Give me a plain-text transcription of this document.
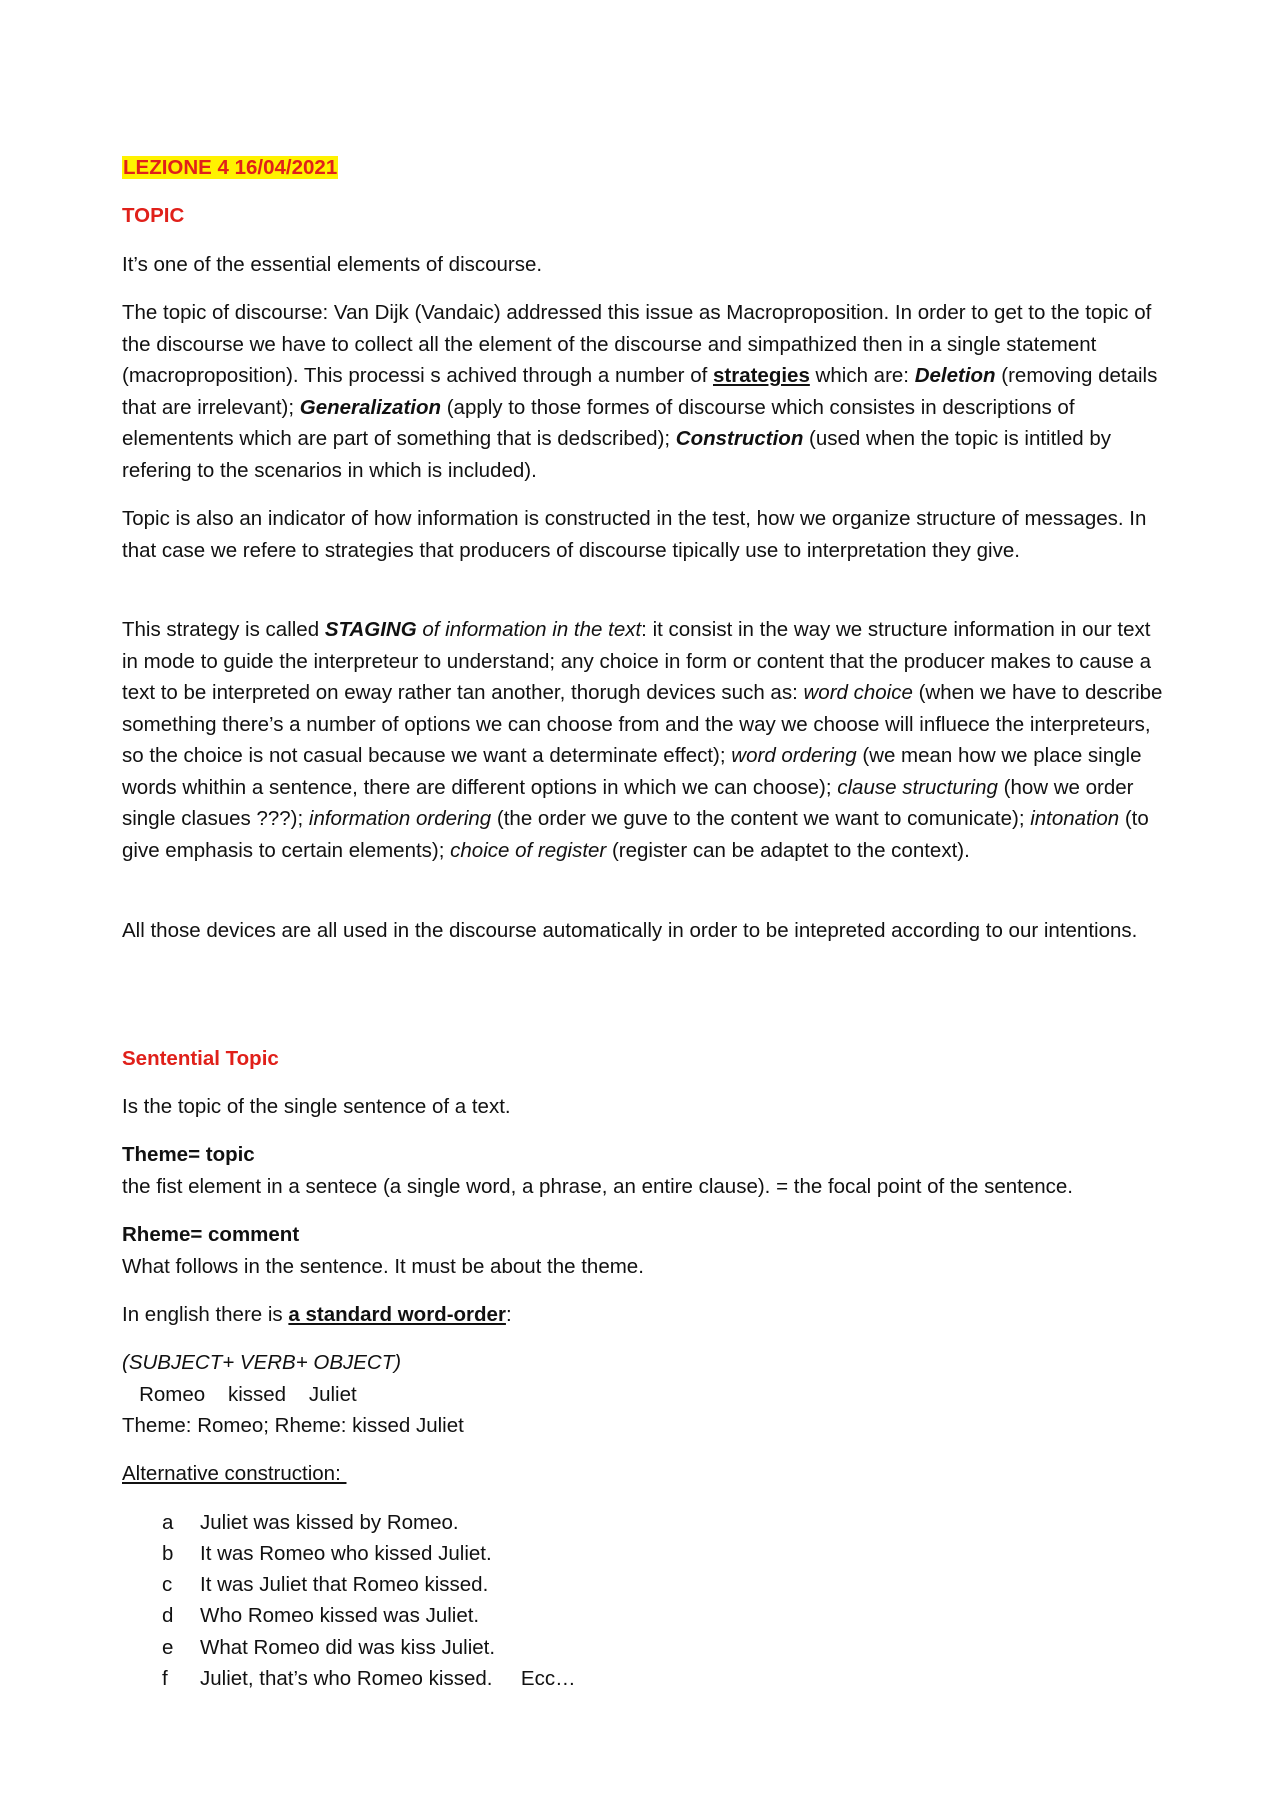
LEZIONE 4 16/04/2021

TOPIC

It’s one of the essential elements of discourse.

The topic of discourse: Van Dijk (Vandaic) addressed this issue as Macroproposition. In order to get to the topic of the discourse we have to collect all the element of the discourse and simpathized then in a single statement (macroproposition). This processi s achived through a number of strategies which are: Deletion (removing details that are irrelevant); Generalization (apply to those formes of discourse which consistes in descriptions of elementents which are part of something that is dedscribed); Construction (used when the topic is intitled by refering to the scenarios in which is included).

Topic is also an indicator of how information is constructed in the test, how we organize structure of messages. In that case we refere to strategies that producers of discourse tipically use to interpretation they give.

This strategy is called STAGING of information in the text: it consist in the way we structure information in our text in mode to guide the interpreteur to understand; any choice in form or content that the producer makes to cause a text to be interpreted on eway rather tan another, thorugh devices such as: word choice (when we have to describe something there’s a number of options we can choose from and the way we choose will influece the interpreteurs, so the choice is not casual because we want a determinate effect); word ordering (we mean how we place single words whithin a sentence, there are different options in which we can choose); clause structuring (how we order single clasues ???); information ordering (the order we guve to the content we want to comunicate); intonation (to give emphasis to certain elements); choice of register (register can be adaptet to the context).

All those devices are all used in the discourse automatically in order to be intepreted according to our intentions.

Sentential Topic

Is the topic of the single sentence of a text.

Theme= topic

the fist element in a sentece (a single word, a phrase, an entire clause). = the focal point of the sentence.

Rheme= comment

What follows in the sentence. It must be about the theme.

In english there is a standard word-order:

(SUBJECT+ VERB+ OBJECT)

Romeo    kissed    Juliet

Theme: Romeo; Rheme: kissed Juliet

Alternative construction:

a	Juliet was kissed by Romeo.
b	It was Romeo who kissed Juliet.
c	It was Juliet that Romeo kissed.
d	Who Romeo kissed was Juliet.
e	What Romeo did was kiss Juliet.
f	Juliet, that’s who Romeo kissed.     Ecc…
